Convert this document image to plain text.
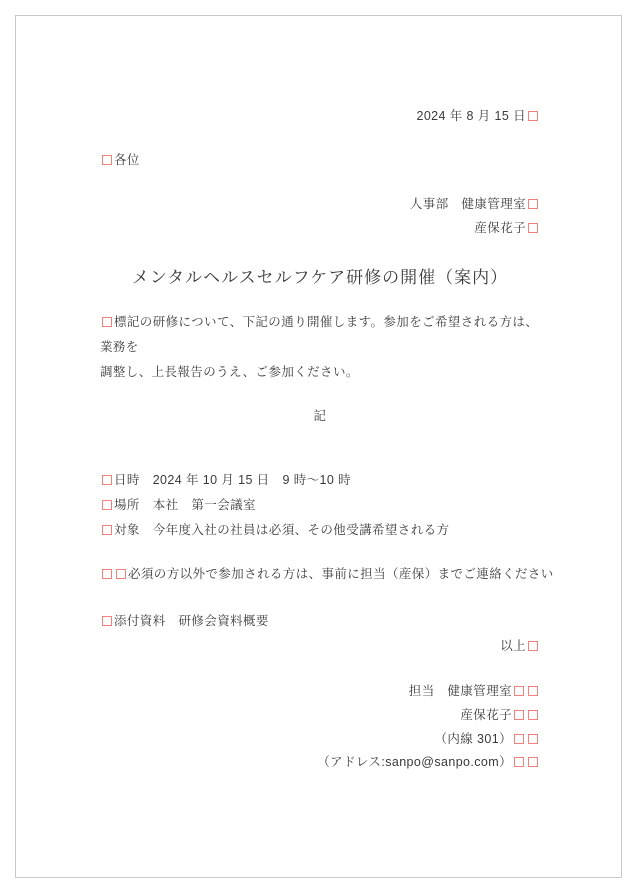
2024 年 8 月 15 日
各位
人事部　健康管理室
産保花子
メンタルヘルスセルフケア研修の開催（案内）
標記の研修について、下記の通り開催します。参加をご希望される方は、業務を
調整し、上長報告のうえ、ご参加ください。
記
日時　2024 年 10 月 15 日　9 時～10 時
場所　本社　第一会議室
対象　今年度入社の社員は必須、その他受講希望される方
必須の方以外で参加される方は、事前に担当（産保）までご連絡ください
添付資料　研修会資料概要
以上
担当　健康管理室
産保花子
（内線 301）
（アドレス:sanpo@sanpo.com）
